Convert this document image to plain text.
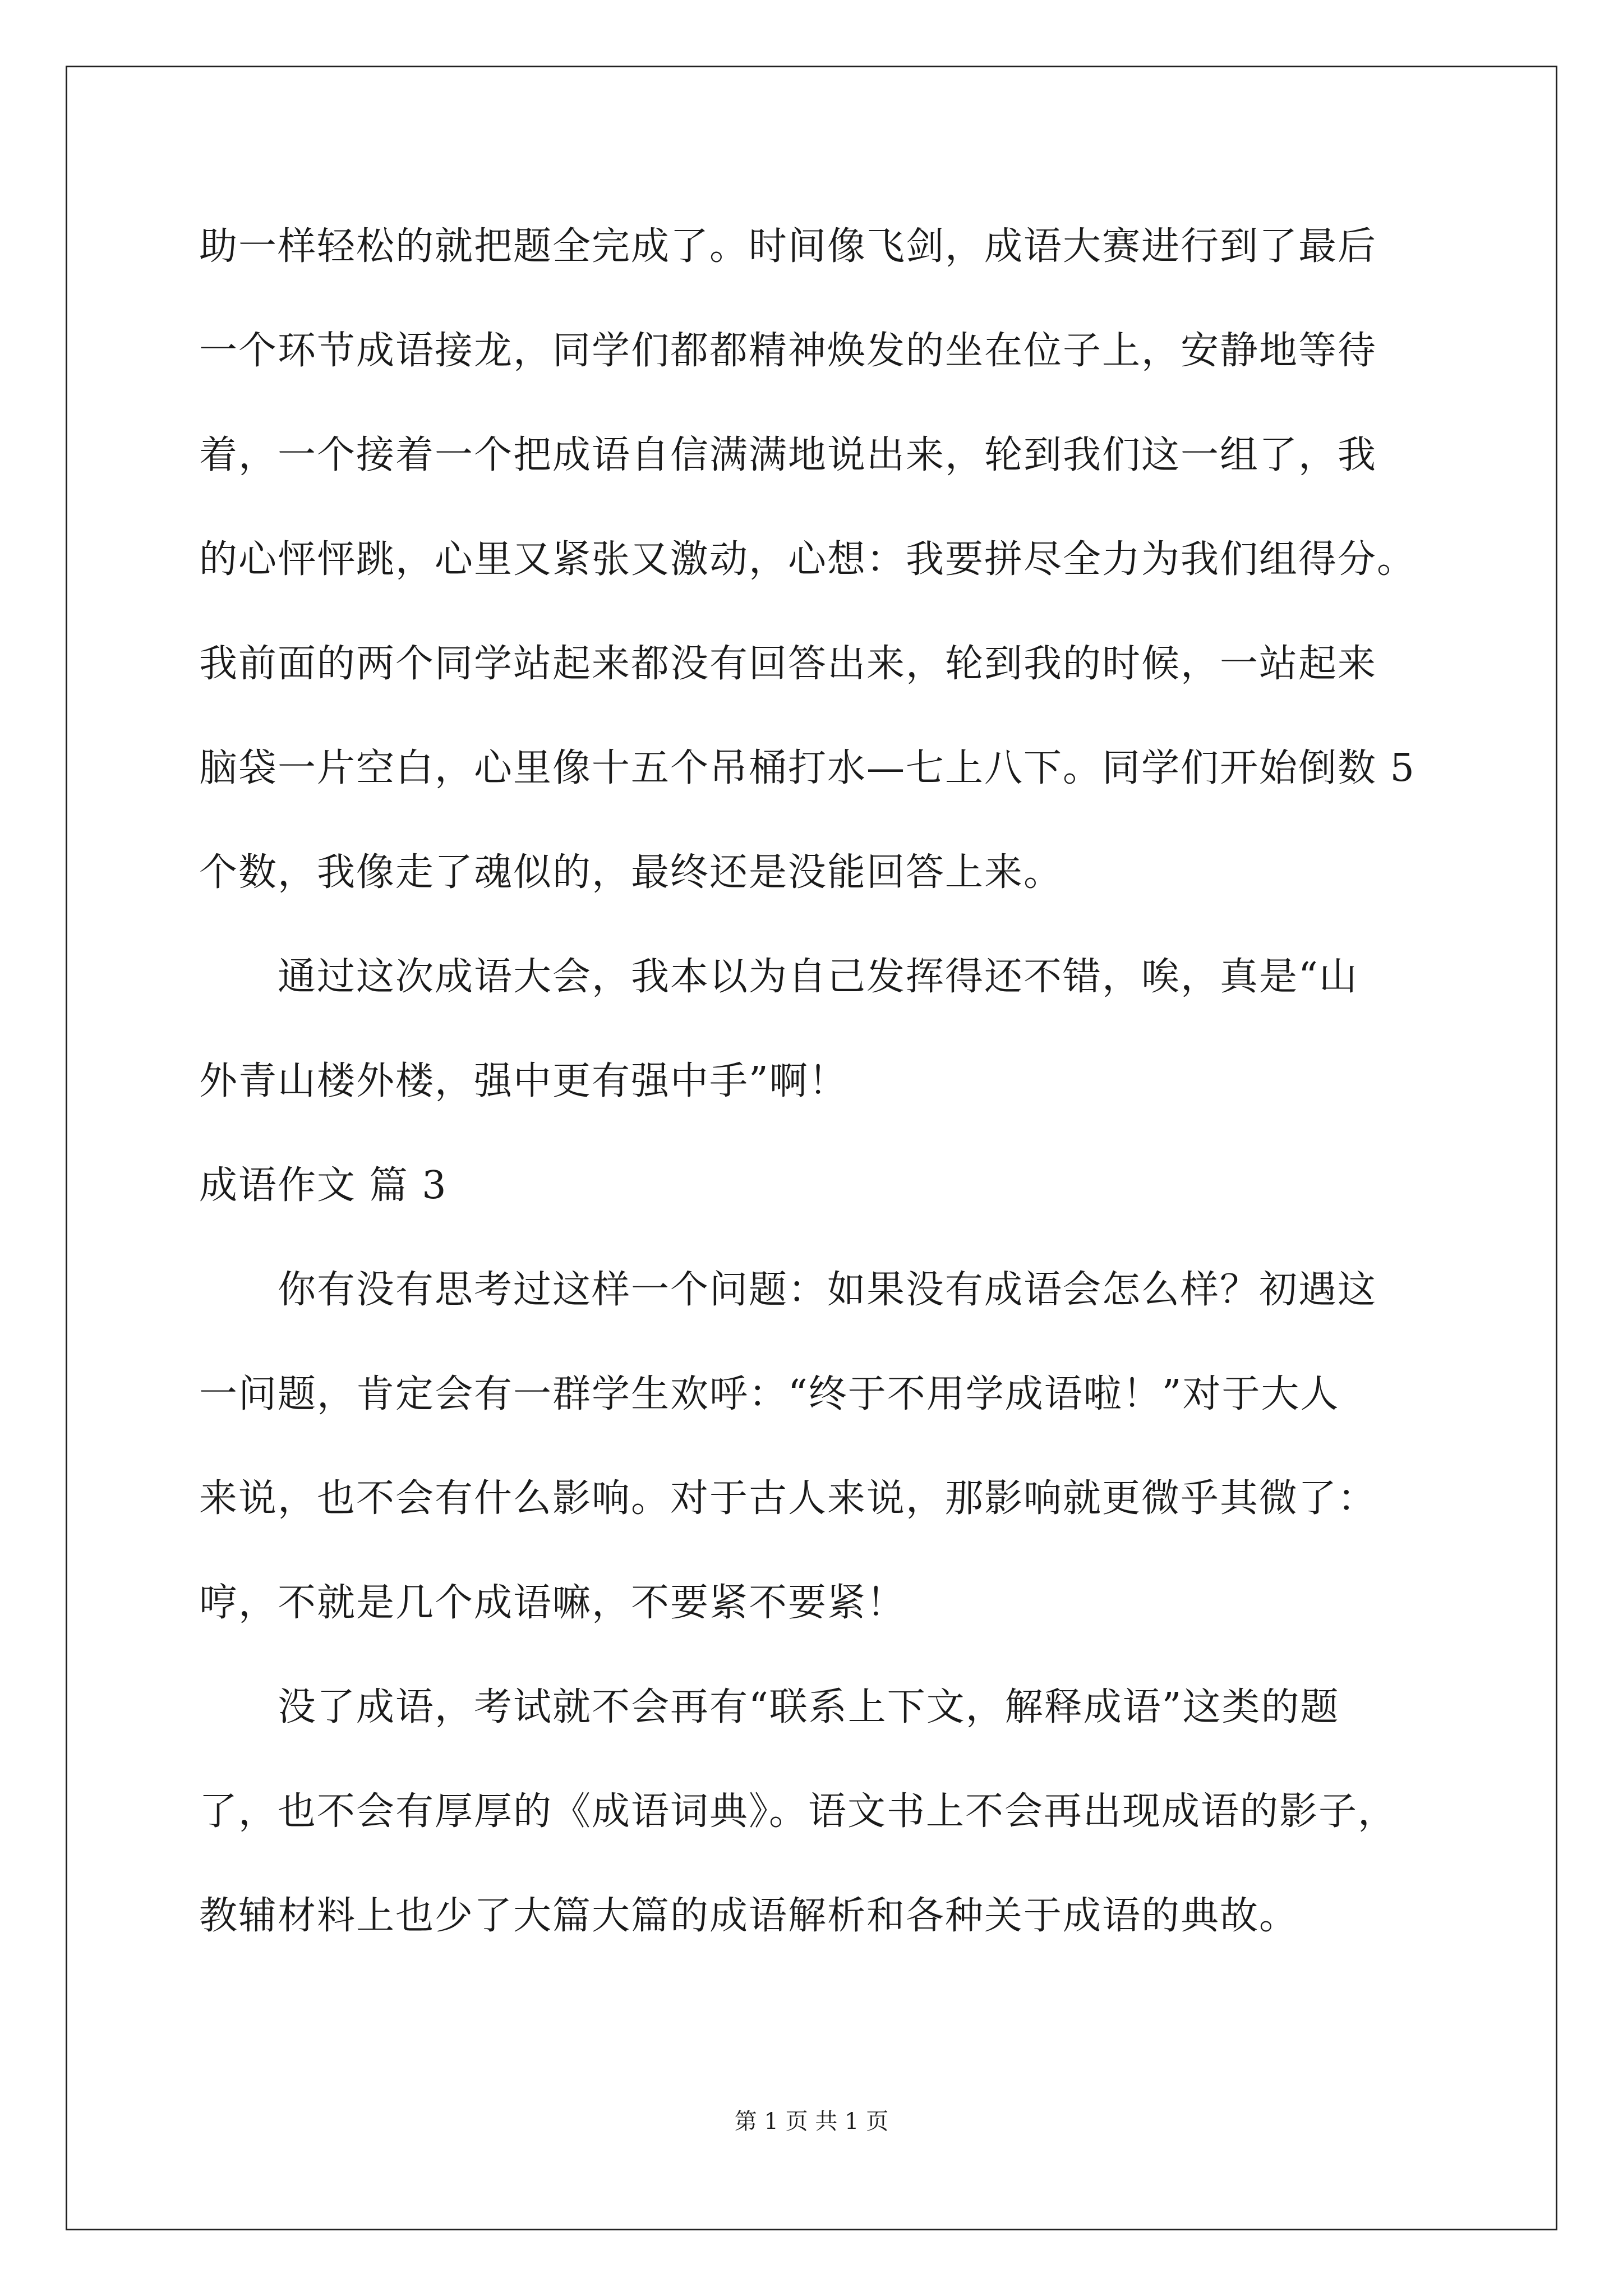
助一样轻松的就把题全完成了。时间像飞剑，成语大赛进行到了最后
一个环节成语接龙，同学们都都精神焕发的坐在位子上，安静地等待
着，一个接着一个把成语自信满满地说出来，轮到我们这一组了，我
的心怦怦跳，心里又紧张又激动，心想：我要拼尽全力为我们组得分。
我前面的两个同学站起来都没有回答出来，轮到我的时候，一站起来
脑袋一片空白，心里像十五个吊桶打水—七上八下。同学们开始倒数 5
个数，我像走了魂似的，最终还是没能回答上来。
通过这次成语大会，我本以为自己发挥得还不错，唉，真是“山
外青山楼外楼，强中更有强中手”啊！
成语作文 篇 3
你有没有思考过这样一个问题：如果没有成语会怎么样？初遇这
一问题，肯定会有一群学生欢呼：“终于不用学成语啦！”对于大人
来说，也不会有什么影响。对于古人来说，那影响就更微乎其微了：
哼，不就是几个成语嘛，不要紧不要紧！
没了成语，考试就不会再有“联系上下文，解释成语”这类的题
了，也不会有厚厚的《成语词典》。语文书上不会再出现成语的影子，
教辅材料上也少了大篇大篇的成语解析和各种关于成语的典故。
第 1 页 共 1 页
